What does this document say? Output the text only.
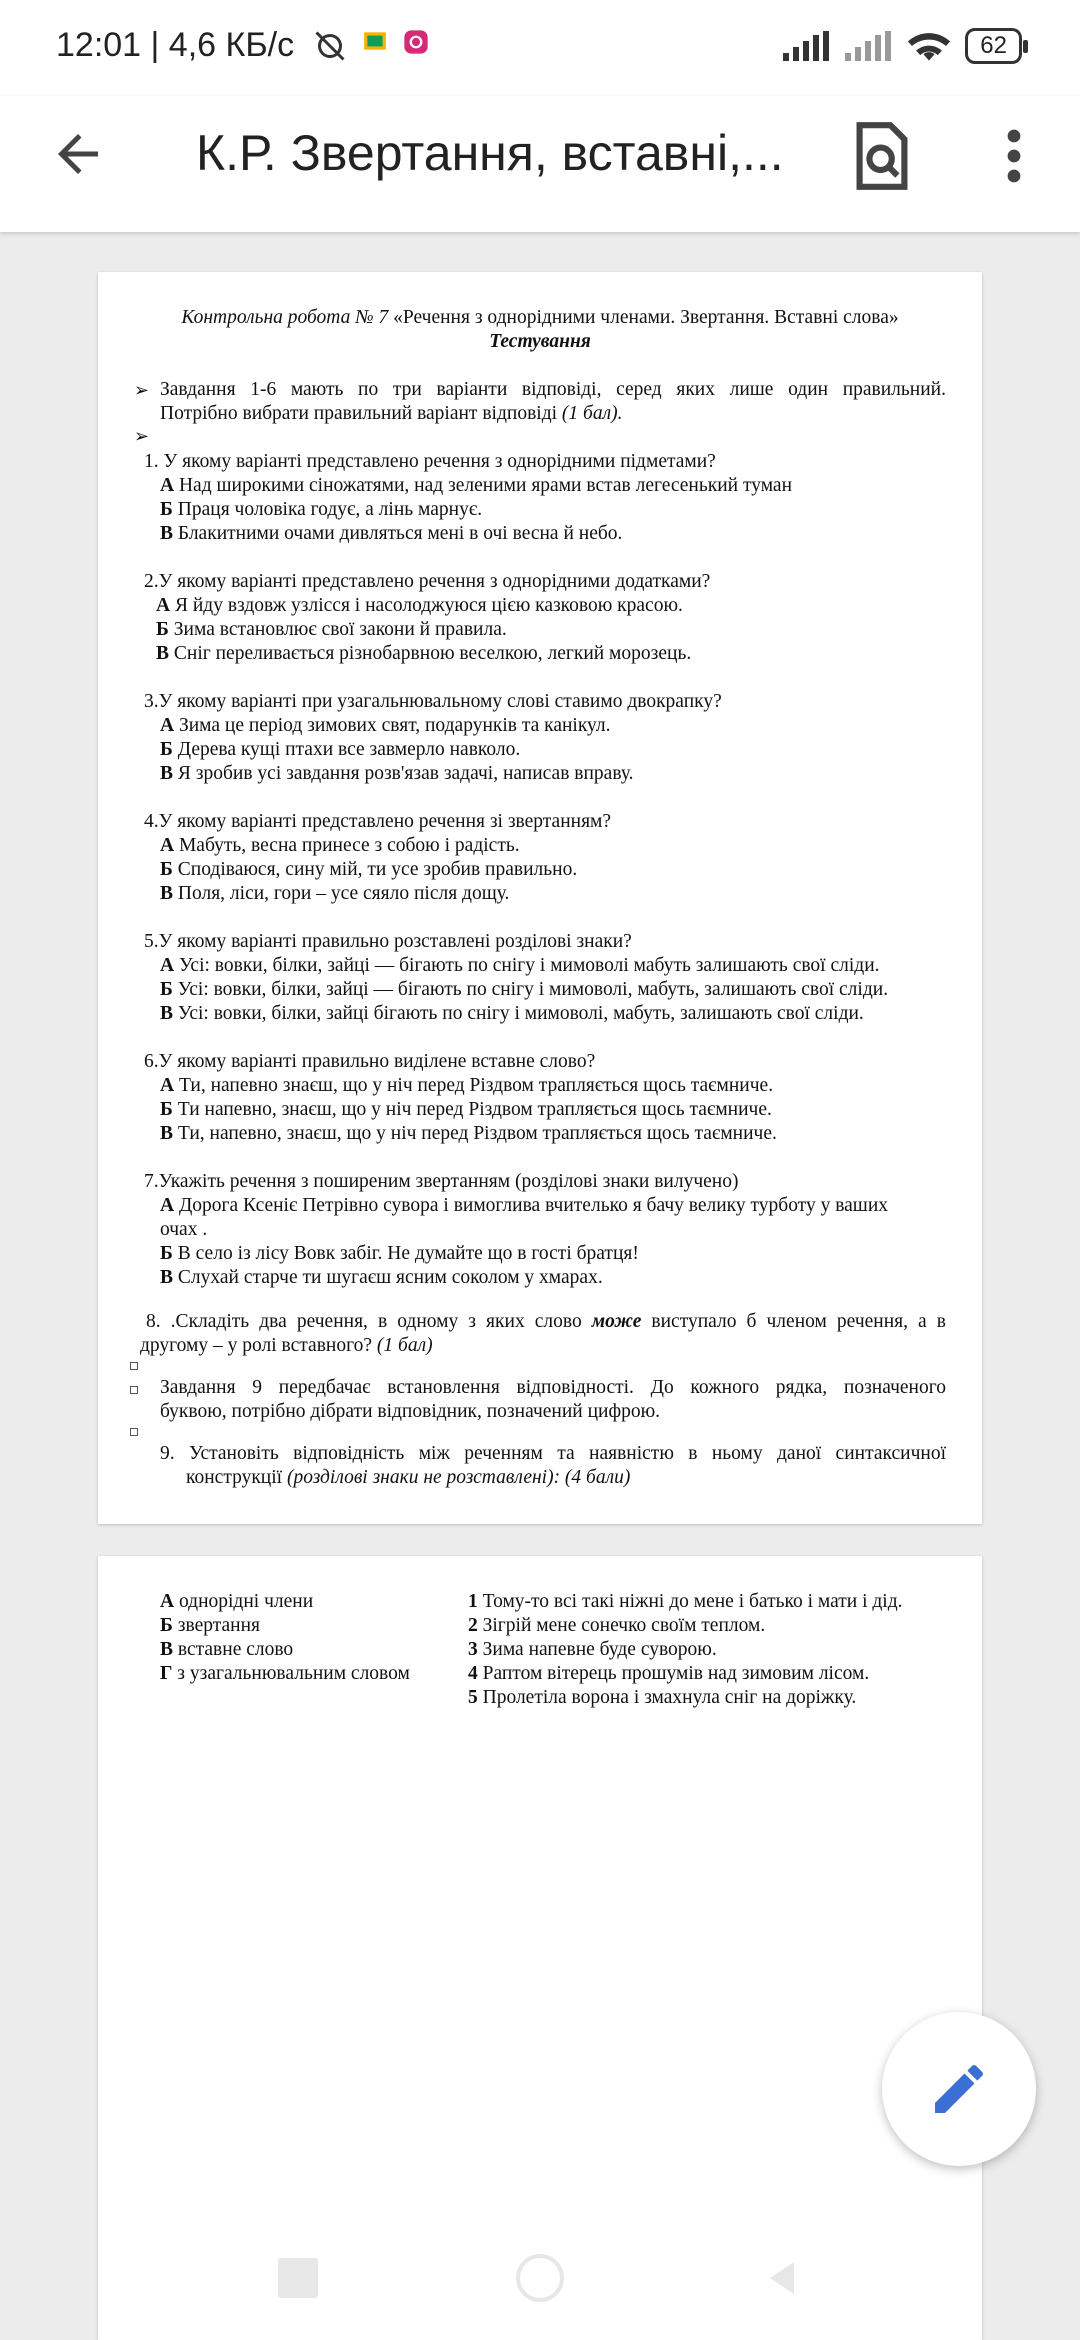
12:01 | 4,6 КБ/с	62
К.Р. Звертання, вставні,...
Контрольна робота № 7 «Речення з однорідними членами. Звертання. Вставні слова»
Тестування
➢ Завдання 1-6 мають по три варіанти відповіді, серед яких лише один правильний.
Потрібно вибрати правильний варіант відповіді (1 бал).
➢
1. У якому варіанті представлено речення з однорідними підметами?
А Над широкими сіножатями, над зеленими ярами встав легесенький туман
Б Праця чоловіка годує, а лінь марнує.
В Блакитними очами дивляться мені в очі весна й небо.
2.У якому варіанті представлено речення з однорідними додатками?
А Я йду вздовж узлісся і насолоджуюся цією казковою красою.
Б Зима встановлює свої закони й правила.
В Сніг переливається різнобарвною веселкою, легкий морозець.
3.У якому варіанті при узагальнювальному слові ставимо двокрапку?
А Зима це період зимових свят, подарунків та канікул.
Б Дерева кущі птахи все завмерло навколо.
В Я зробив усі завдання розв'язав задачі, написав вправу.
4.У якому варіанті представлено речення зі звертанням?
А Мабуть, весна принесе з собою і радість.
Б Сподіваюся, сину мій, ти усе зробив правильно.
В Поля, ліси, гори – усе сяяло після дощу.
5.У якому варіанті правильно розставлені розділові знаки?
А Усі: вовки, білки, зайці — бігають по снігу і мимоволі мабуть залишають свої сліди.
Б Усі: вовки, білки, зайці — бігають по снігу і мимоволі, мабуть, залишають свої сліди.
В Усі: вовки, білки, зайці бігають по снігу і мимоволі, мабуть, залишають свої сліди.
6.У якому варіанті правильно виділене вставне слово?
А Ти, напевно знаєш, що у ніч перед Різдвом трапляється щось таємниче.
Б Ти напевно, знаєш, що у ніч перед Різдвом трапляється щось таємниче.
В Ти, напевно, знаєш, що у ніч перед Різдвом трапляється щось таємниче.
7.Укажіть речення з поширеним звертанням (розділові знаки вилучено)
А Дорога Ксеніє Петрівно сувора і вимоглива вчителько я бачу велику турботу у ваших
очах .
Б В село із лісу Вовк забіг. Не думайте що в гості братця!
В Слухай старче ти шугаєш ясним соколом у хмарах.
8. .Складіть два речення, в одному з яких слово може виступало б членом речення, а в
другому – у ролі вставного? (1 бал)
Завдання 9 передбачає встановлення відповідності. До кожного рядка, позначеного
буквою, потрібно дібрати відповідник, позначений цифрою.
9. Установіть відповідність між реченням та наявністю в ньому даної синтаксичної
конструкції (розділові знаки не розставлені): (4 бали)
А однорідні члени
Б звертання
В вставне слово
Г з узагальнювальним словом
1 Тому-то всі такі ніжні до мене і батько і мати і дід.
2 Зігрій мене сонечко своїм теплом.
3 Зима напевне буде суворою.
4 Раптом вітерець прошумів над зимовим лісом.
5 Пролетіла ворона і змахнула сніг на доріжку.
